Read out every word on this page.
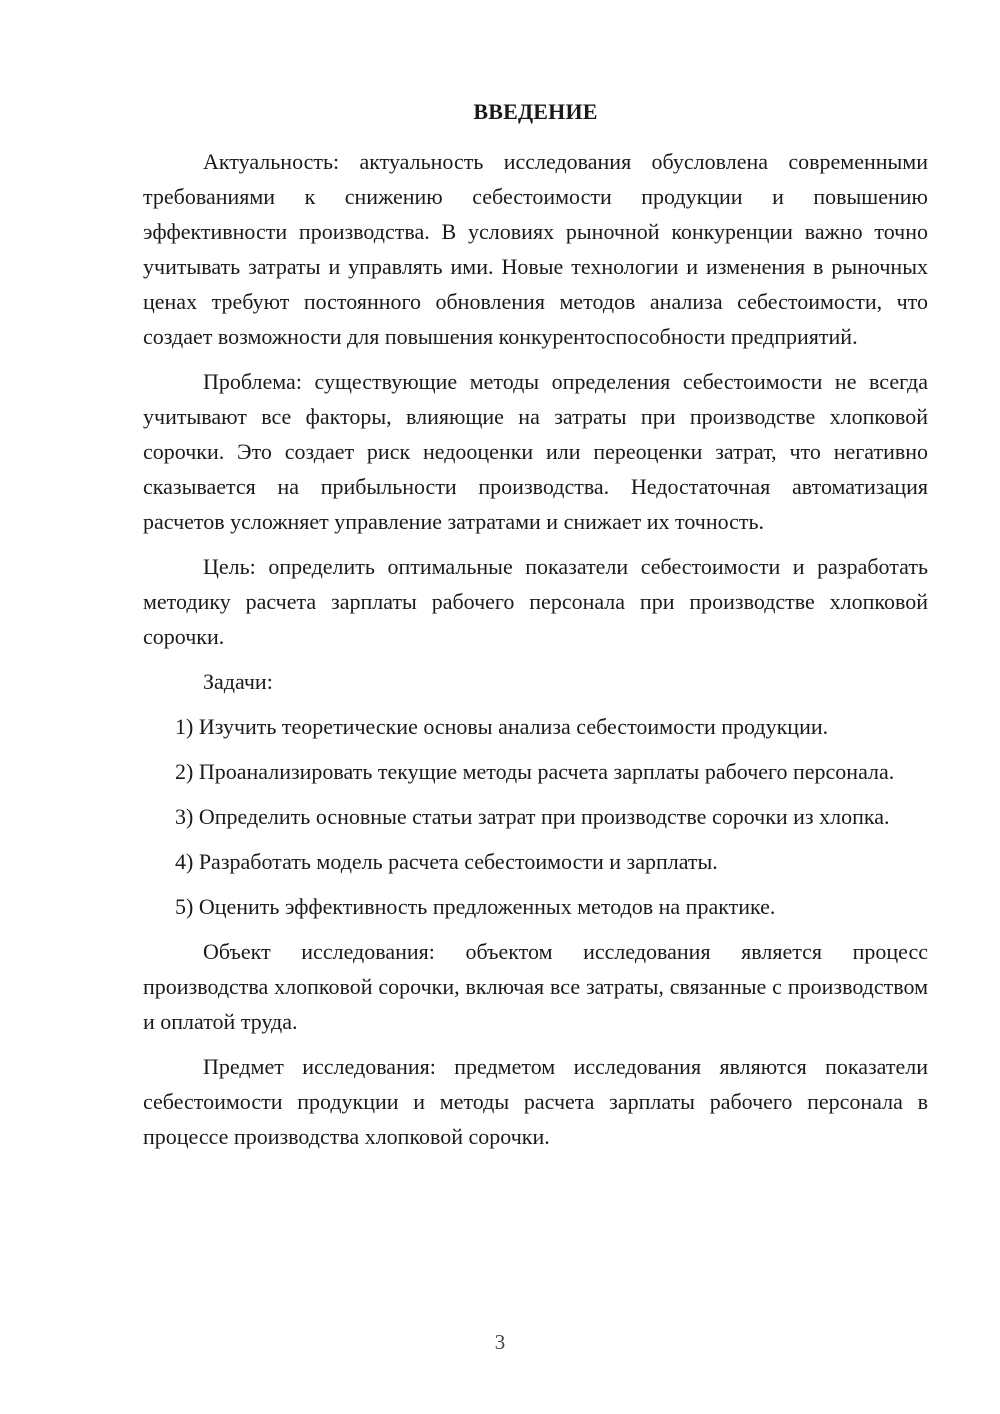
ВВЕДЕНИЕ

Актуальность: актуальность исследования обусловлена современными требованиями к снижению себестоимости продукции и повышению эффективности производства. В условиях рыночной конкуренции важно точно учитывать затраты и управлять ими. Новые технологии и изменения в рыночных ценах требуют постоянного обновления методов анализа себестоимости, что создает возможности для повышения конкурентоспособности предприятий.

Проблема: существующие методы определения себестоимости не всегда учитывают все факторы, влияющие на затраты при производстве хлопковой сорочки. Это создает риск недооценки или переоценки затрат, что негативно сказывается на прибыльности производства. Недостаточная автоматизация расчетов усложняет управление затратами и снижает их точность.

Цель: определить оптимальные показатели себестоимости и разработать методику расчета зарплаты рабочего персонала при производстве хлопковой сорочки.

Задачи:

1) Изучить теоретические основы анализа себестоимости продукции.

2) Проанализировать текущие методы расчета зарплаты рабочего персонала.

3) Определить основные статьи затрат при производстве сорочки из хлопка.

4) Разработать модель расчета себестоимости и зарплаты.

5) Оценить эффективность предложенных методов на практике.

Объект исследования: объектом исследования является процесс производства хлопковой сорочки, включая все затраты, связанные с производством и оплатой труда.

Предмет исследования: предметом исследования являются показатели себестоимости продукции и методы расчета зарплаты рабочего персонала в процессе производства хлопковой сорочки.

3
